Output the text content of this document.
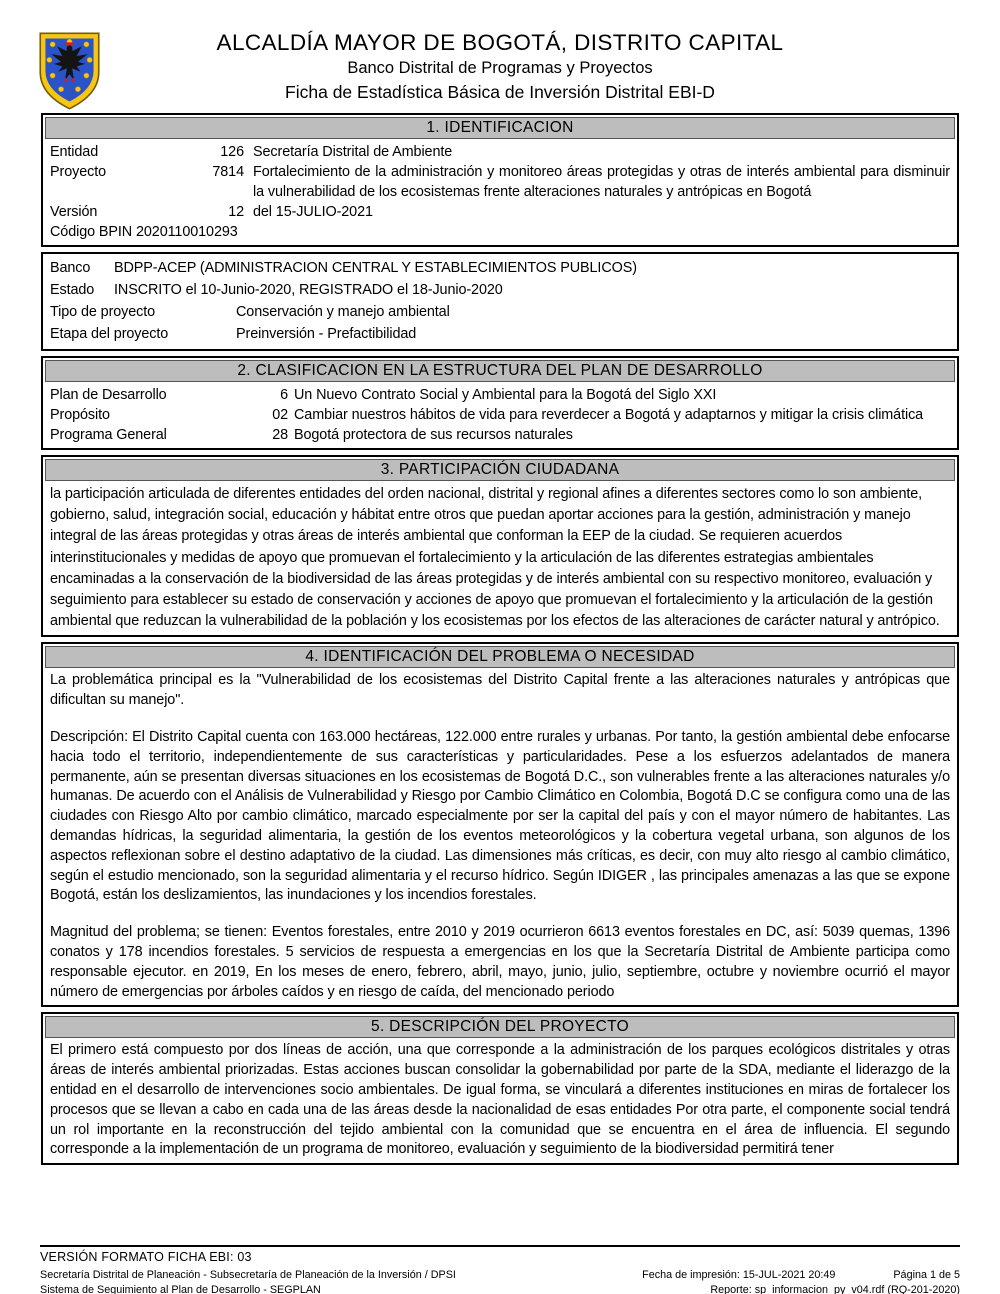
ALCALDÍA MAYOR DE BOGOTÁ, DISTRITO CAPITAL
Banco Distrital de Programas y Proyectos
Ficha de Estadística Básica de Inversión Distrital EBI-D
1. IDENTIFICACION
Entidad	126 Secretaría Distrital de Ambiente
Proyecto	7814 Fortalecimiento de la administración y monitoreo áreas protegidas y otras de interés ambiental para disminuir la vulnerabilidad de los ecosistemas frente alteraciones naturales y antrópicas en Bogotá
Versión	12 del 15-JULIO-2021
Código BPIN 2020110010293
Banco	BDPP-ACEP (ADMINISTRACION CENTRAL Y ESTABLECIMIENTOS PUBLICOS)
Estado	INSCRITO el 10-Junio-2020, REGISTRADO el 18-Junio-2020
Tipo de proyecto	Conservación y manejo ambiental
Etapa del proyecto	Preinversión - Prefactibilidad
2. CLASIFICACION EN LA ESTRUCTURA DEL PLAN DE DESARROLLO
Plan de Desarrollo	6 Un Nuevo Contrato Social y Ambiental para la Bogotá del Siglo XXI
Propósito	02 Cambiar nuestros hábitos de vida para reverdecer a Bogotá y adaptarnos y mitigar la crisis climática
Programa General	28 Bogotá protectora de sus recursos naturales
3. PARTICIPACIÓN CIUDADANA

la participación articulada de diferentes entidades del orden nacional, distrital y regional afines a diferentes sectores como lo son ambiente, gobierno, salud, integración social, educación y hábitat entre otros que puedan aportar acciones para la gestión, administración y manejo integral de las áreas protegidas y otras áreas de interés ambiental que conforman la EEP de la ciudad. Se requieren acuerdos interinstitucionales y medidas de apoyo que promuevan el fortalecimiento y la articulación de las diferentes estrategias ambientales encaminadas a la conservación de la biodiversidad de las áreas protegidas y de interés ambiental con su respectivo monitoreo, evaluación y seguimiento para establecer su estado de conservación y acciones de apoyo que promuevan el fortalecimiento y la articulación de la gestión ambiental que reduzcan la vulnerabilidad de la población y los ecosistemas por los efectos de las alteraciones de carácter natural y antrópico.

4. IDENTIFICACIÓN DEL PROBLEMA O NECESIDAD

La problemática principal es la "Vulnerabilidad de los ecosistemas del Distrito Capital frente a las alteraciones naturales y antrópicas que dificultan su manejo".

Descripción: El Distrito Capital cuenta con 163.000 hectáreas, 122.000 entre rurales y urbanas. Por tanto, la gestión ambiental debe enfocarse hacia todo el territorio, independientemente de sus características y particularidades. Pese a los esfuerzos adelantados de manera permanente, aún se presentan diversas situaciones en los ecosistemas de Bogotá D.C., son vulnerables frente a las alteraciones naturales y/o humanas. De acuerdo con el Análisis de Vulnerabilidad y Riesgo por Cambio Climático en Colombia, Bogotá D.C se configura como una de las ciudades con Riesgo Alto por cambio climático, marcado especialmente por ser la capital del país y con el mayor número de habitantes. Las demandas hídricas, la seguridad alimentaria, la gestión de los eventos meteorológicos y la cobertura vegetal urbana, son algunos de los aspectos reflexionan sobre el destino adaptativo de la ciudad. Las dimensiones más críticas, es decir, con muy alto riesgo al cambio climático, según el estudio mencionado, son la seguridad alimentaria y el recurso hídrico. Según IDIGER , las principales amenazas a las que se expone Bogotá, están los deslizamientos, las inundaciones y los incendios forestales.

Magnitud del problema; se tienen: Eventos forestales, entre 2010 y 2019 ocurrieron 6613 eventos forestales en DC, así: 5039 quemas, 1396 conatos y 178 incendios forestales. 5 servicios de respuesta a emergencias en los que la Secretaría Distrital de Ambiente participa como responsable ejecutor. en 2019, En los meses de enero, febrero, abril, mayo, junio, julio, septiembre, octubre y noviembre ocurrió el mayor número de emergencias por árboles caídos y en riesgo de caída, del mencionado periodo

5. DESCRIPCIÓN DEL PROYECTO

El primero está compuesto por dos líneas de acción, una que corresponde a la administración de los parques ecológicos distritales y otras áreas de interés ambiental priorizadas. Estas acciones buscan consolidar la gobernabilidad por parte de la SDA, mediante el liderazgo de la entidad en el desarrollo de intervenciones socio ambientales. De igual forma, se vinculará a diferentes instituciones en miras de fortalecer los procesos que se llevan a cabo en cada una de las áreas desde la nacionalidad de esas entidades Por otra parte, el componente social tendrá un rol importante en la reconstrucción del tejido ambiental con la comunidad que se encuentra en el área de influencia. El segundo corresponde a la implementación de un programa de monitoreo, evaluación y seguimiento de la biodiversidad permitirá tener

VERSIÓN FORMATO FICHA EBI: 03
Secretaría Distrital de Planeación - Subsecretaría de Planeación de la Inversión / DPSI
Sistema de Seguimiento al Plan de Desarrollo - SEGPLAN
Fecha de impresión: 15-JUL-2021 20:49	Página 1 de 5
Reporte: sp_informacion_py_v04.rdf (RQ-201-2020)
